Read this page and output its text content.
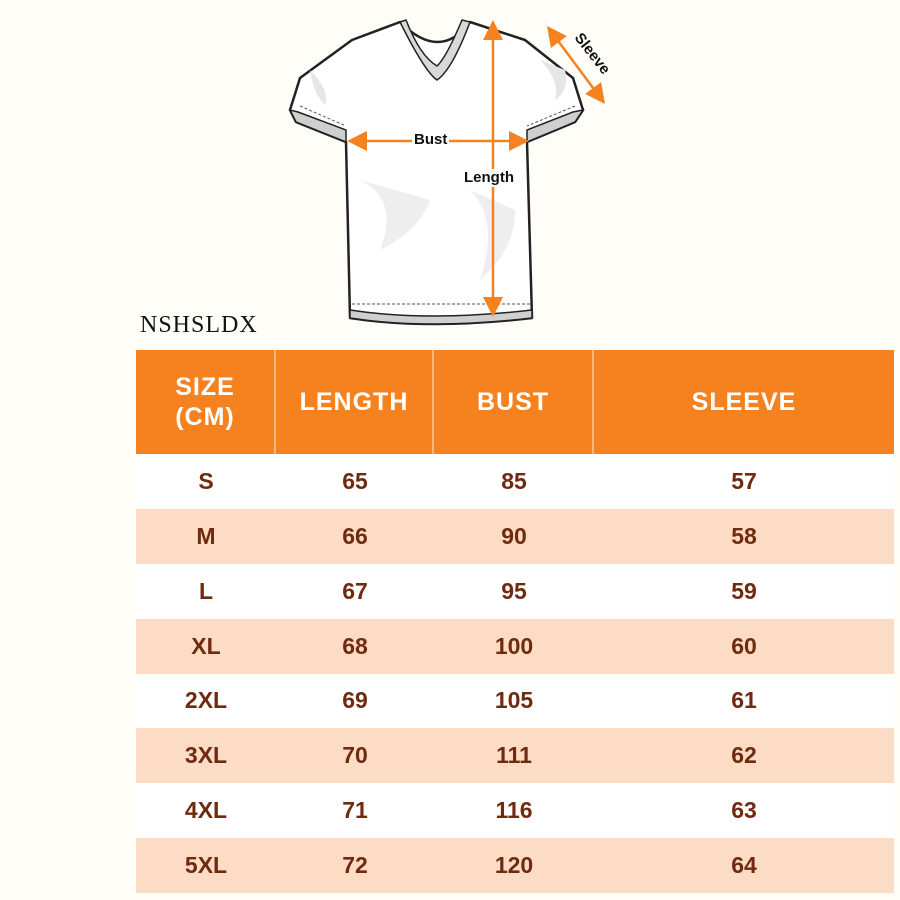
Bust
Length
Sleeve
NSHSLDX
SIZE
(CM)
LENGTH	BUST	SLEEVE
S	65	85	57
M	66	90	58
L	67	95	59
XL	68	100	60
2XL	69	105	61
3XL	70	111	62
4XL	71	116	63
5XL	72	120	64
